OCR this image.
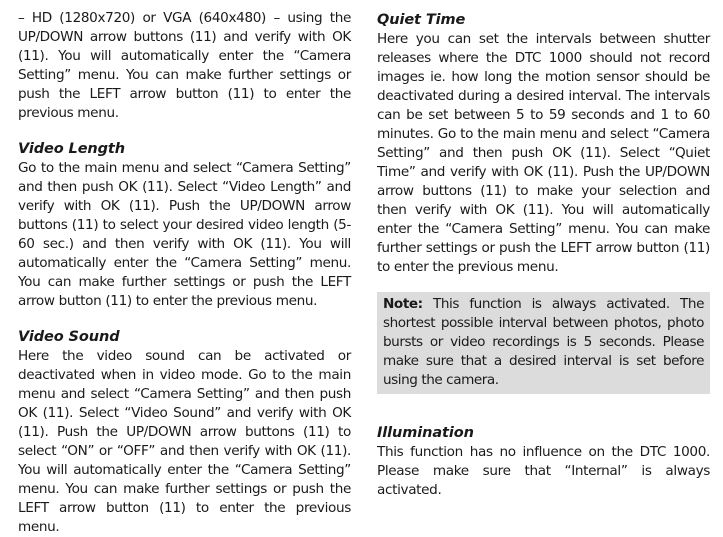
– HD (1280x720) or VGA (640x480) – using the UP/DOWN arrow buttons (11) and verify with OK (11). You will automatically enter the “Camera Setting” menu. You can make further settings or push the LEFT arrow button (11) to enter the previous menu.

Video Length

Go to the main menu and select “Camera Setting” and then push OK (11). Select “Video Length” and verify with OK (11). Push the UP/DOWN arrow buttons (11) to select your desired video length (5-60 sec.) and then verify with OK (11). You will automatically enter the “Camera Setting” menu. You can make further settings or push the LEFT arrow button (11) to enter the previous menu.

Video Sound

Here the video sound can be activated or deactivated when in video mode. Go to the main menu and select “Camera Setting” and then push OK (11). Select “Video Sound” and verify with OK (11). Push the UP/DOWN arrow buttons (11) to select “ON” or “OFF” and then verify with OK (11). You will automatically enter the “Camera Setting” menu. You can make further settings or push the LEFT arrow button (11) to enter the previous menu.

Quiet Time

Here you can set the intervals between shutter releases where the DTC 1000 should not record images ie. how long the motion sensor should be deactivated during a desired interval. The intervals can be set between 5 to 59 seconds and 1 to 60 minutes. Go to the main menu and select “Camera Setting” and then push OK (11). Select “Quiet Time” and verify with OK (11). Push the UP/DOWN arrow buttons (11) to make your selection and then verify with OK (11). You will automatically enter the “Camera Setting” menu. You can make further settings or push the LEFT arrow button (11) to enter the previous menu.

Note: This function is always activated. The shortest possible interval between photos, photo bursts or video recordings is 5 seconds. Please make sure that a desired interval is set before using the camera.

Illumination

This function has no influence on the DTC 1000. Please make sure that “Internal” is always activated.
